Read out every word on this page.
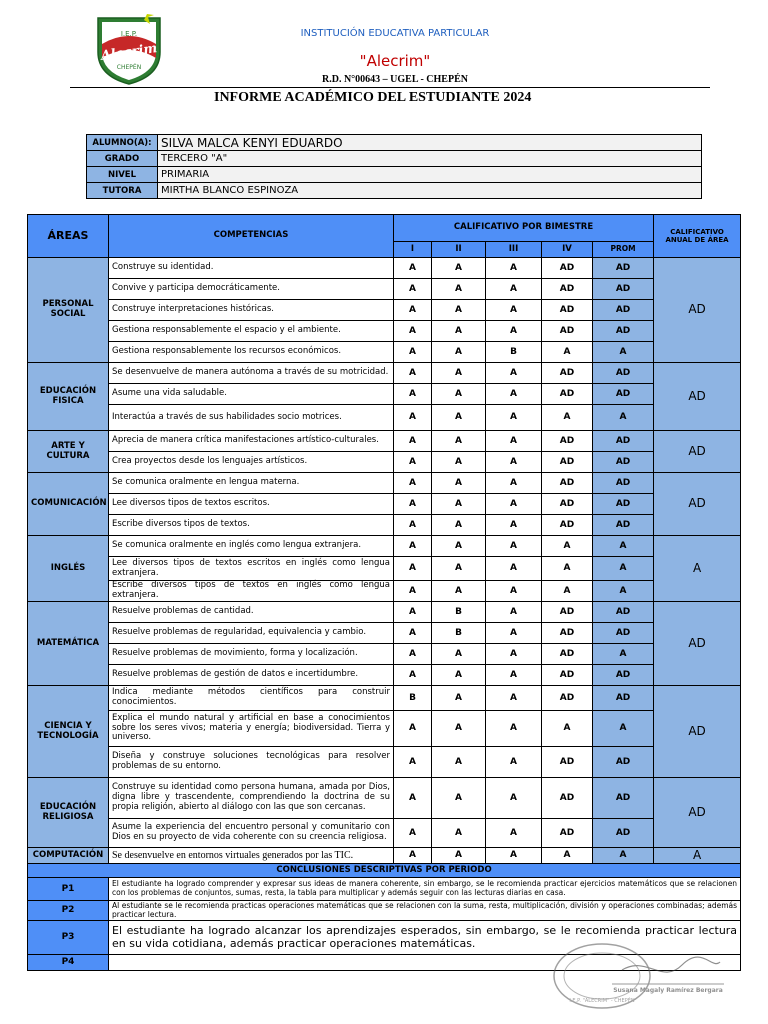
I.E.P.
Alecrim
CHEPÉN
INSTITUCIÓN EDUCATIVA PARTICULAR
"Alecrim"
R.D. N°00643 – UGEL - CHEPÉN
INFORME ACADÉMICO DEL ESTUDIANTE 2024
ALUMNO(A):	SILVA MALCA KENYI EDUARDO
GRADO	TERCERO "A"
NIVEL	PRIMARIA
TUTORA	MIRTHA BLANCO ESPINOZA
ÁREAS	COMPETENCIAS	CALIFICATIVO POR BIMESTRE					CALIFICATIVO ANUAL DE ÁREA
		I	II	III	IV	PROM	
PERSONAL SOCIAL	Construye su identidad.	A	A	A	AD	AD	AD
	Convive y participa democráticamente.	A	A	A	AD	AD	
	Construye interpretaciones históricas.	A	A	A	AD	AD	
	Gestiona responsablemente el espacio y el ambiente.	A	A	A	AD	AD	
	Gestiona responsablemente los recursos económicos.	A	A	B	A	A	
EDUCACIÓN FISICA	Se desenvuelve de manera autónoma a través de su motricidad.	A	A	A	AD	AD	AD
	Asume una vida saludable.	A	A	A	AD	AD	
	Interactúa a través de sus habilidades socio motrices.	A	A	A	A	A	
ARTE Y CULTURA	Aprecia de manera crítica manifestaciones artístico-culturales.	A	A	A	AD	AD	AD
	Crea proyectos desde los lenguajes artísticos.	A	A	A	AD	AD	
COMUNICACIÓN	Se comunica oralmente en lengua materna.	A	A	A	AD	AD	AD
	Lee diversos tipos de textos escritos.	A	A	A	AD	AD	
	Escribe diversos tipos de textos.	A	A	A	AD	AD	
INGLÉS	Se comunica oralmente en inglés como lengua extranjera.	A	A	A	A	A	A
	Lee diversos tipos de textos escritos en inglés como lengua extranjera.	A	A	A	A	A	
	Escribe diversos tipos de textos en inglés como lengua extranjera.	A	A	A	A	A	
MATEMÁTICA	Resuelve problemas de cantidad.	A	B	A	AD	AD	AD
	Resuelve problemas de regularidad, equivalencia y cambio.	A	B	A	AD	AD	
	Resuelve problemas de movimiento, forma y localización.	A	A	A	AD	A	
	Resuelve problemas de gestión de datos e incertidumbre.	A	A	A	AD	AD	
CIENCIA Y TECNOLOGÍA	Indica mediante métodos científicos para construir conocimientos.	B	A	A	AD	AD	AD
	Explica el mundo natural y artificial en base a conocimientos sobre los seres vivos; materia y energía; biodiversidad. Tierra y universo.	A	A	A	A	A	
	Diseña y construye soluciones tecnológicas para resolver problemas de su entorno.	A	A	A	AD	AD	
EDUCACIÓN RELIGIOSA	Construye su identidad como persona humana, amada por Dios, digna libre y trascendente, comprendiendo la doctrina de su propia religión, abierto al diálogo con las que son cercanas.	A	A	A	AD	AD	AD
	Asume la experiencia del encuentro personal y comunitario con Dios en su proyecto de vida coherente con su creencia religiosa.	A	A	A	AD	AD	
COMPUTACIÓN	Se desenvuelve en entornos virtuales generados por las TIC.	A	A	A	A	A	A
CONCLUSIONES DESCRIPTIVAS POR PERIODO							
P1	El estudiante ha logrado comprender y expresar sus ideas de manera coherente, sin embargo, se le recomienda practicar ejercicios matemáticos que se relacionen con los problemas de conjuntos, sumas, resta, la tabla para multiplicar y además seguir con las lecturas diarias en casa.						
P2	Al estudiante se le recomienda practicas operaciones matemáticas que se relacionen con la suma, resta, multiplicación, división y operaciones combinadas; además practicar lectura.						
P3	El estudiante ha logrado alcanzar los aprendizajes esperados, sin embargo, se le recomienda practicar lectura en su vida cotidiana, además practicar operaciones matemáticas.						
P4							
Susana Magaly Ramírez Bergara
I.E.P. "ALECRIM" - CHEPÉN
